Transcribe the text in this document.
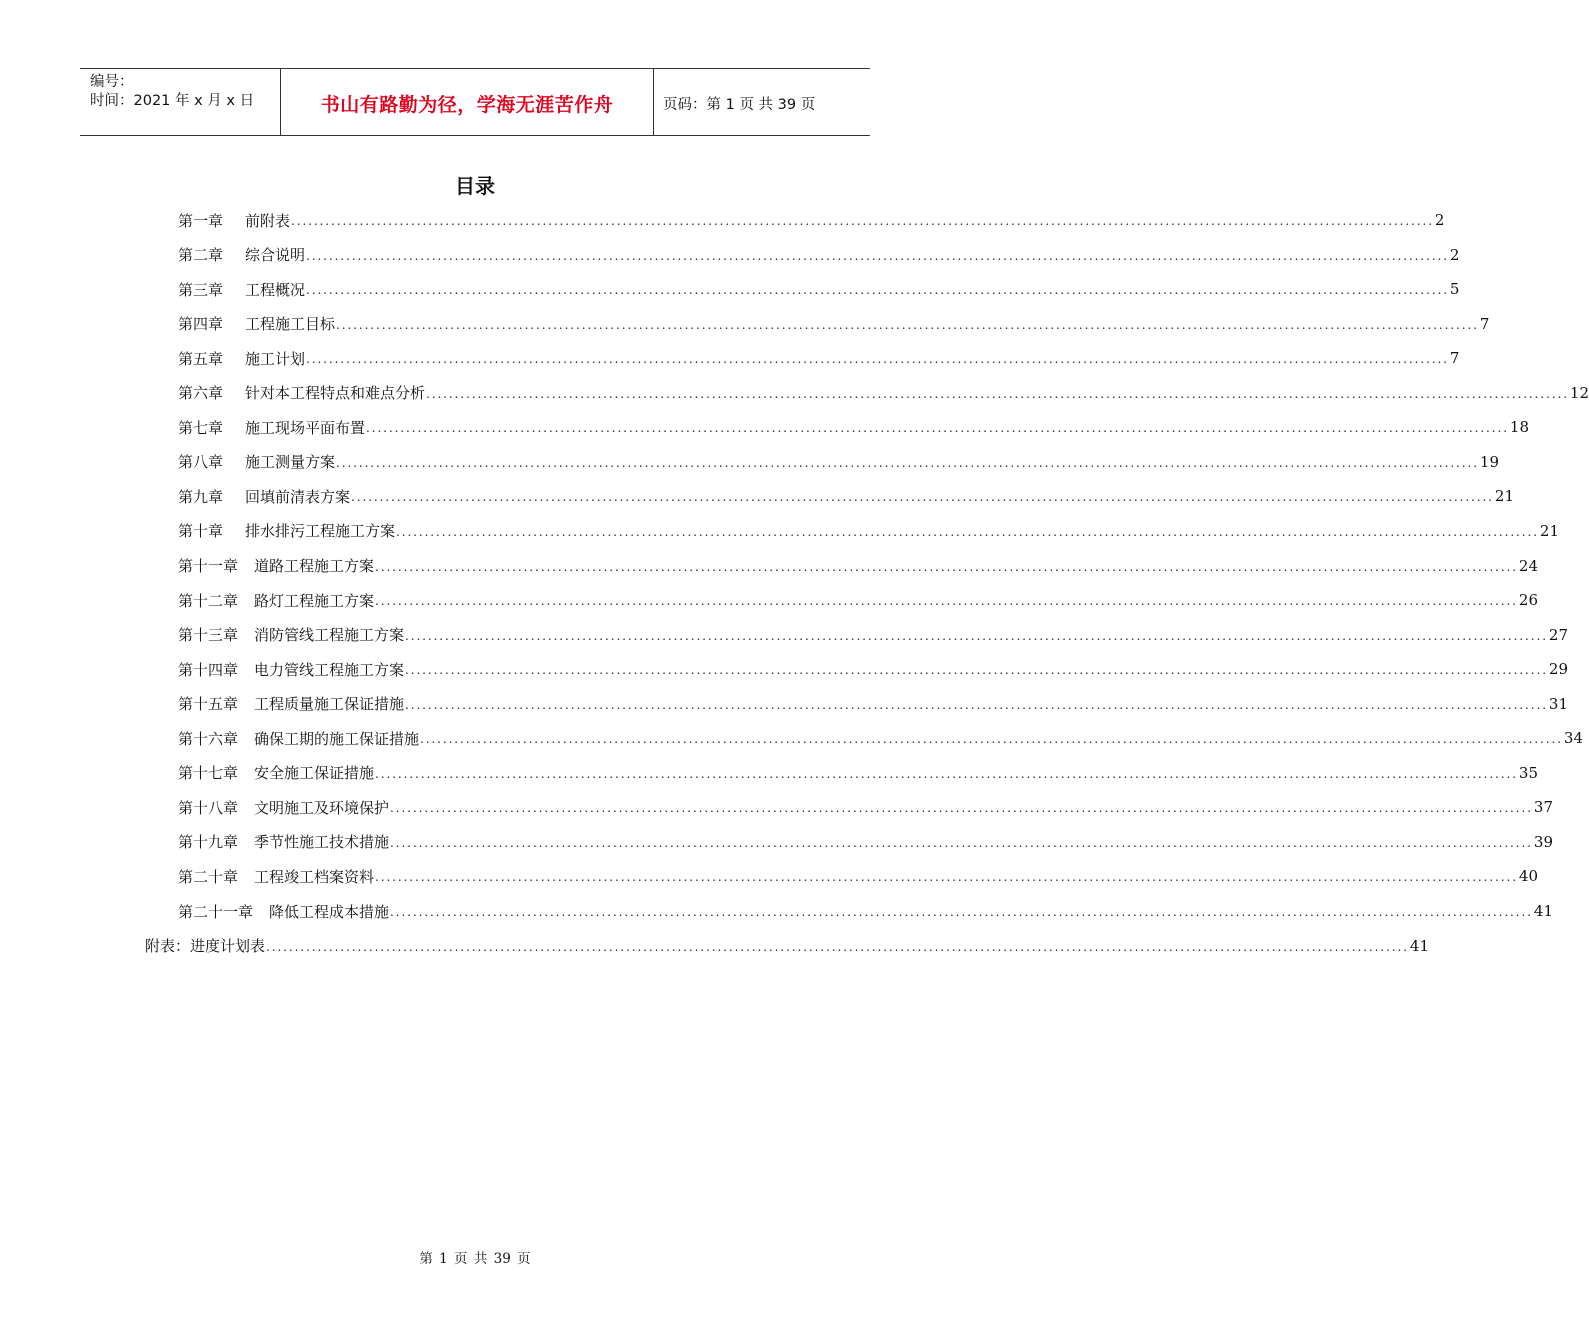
编号：
时间：2021 年 x 月 x 日	书山有路勤为径，学海无涯苦作舟	页码：第 1 页 共 39 页
目录
第一章	前附表 ........................................................................................................................................................................................................ 2
第二章	综合说明 ........................................................................................................................................................................................................ 2
第三章	工程概况 ........................................................................................................................................................................................................ 5
第四章	工程施工目标 ........................................................................................................................................................................................................ 7
第五章	施工计划 ........................................................................................................................................................................................................ 7
第六章	针对本工程特点和难点分析 ........................................................................................................................................................................................................ 12
第七章	施工现场平面布置 ........................................................................................................................................................................................................ 18
第八章	施工测量方案 ........................................................................................................................................................................................................ 19
第九章	回填前清表方案 ........................................................................................................................................................................................................ 21
第十章	排水排污工程施工方案 ........................................................................................................................................................................................................ 21
第十一章	道路工程施工方案 ........................................................................................................................................................................................................ 24
第十二章	路灯工程施工方案 ........................................................................................................................................................................................................ 26
第十三章	消防管线工程施工方案 ........................................................................................................................................................................................................ 27
第十四章	电力管线工程施工方案 ........................................................................................................................................................................................................ 29
第十五章	工程质量施工保证措施 ........................................................................................................................................................................................................ 31
第十六章	确保工期的施工保证措施 ........................................................................................................................................................................................................ 34
第十七章	安全施工保证措施 ........................................................................................................................................................................................................ 35
第十八章	文明施工及环境保护 ........................................................................................................................................................................................................ 37
第十九章	季节性施工技术措施 ........................................................................................................................................................................................................ 39
第二十章	工程竣工档案资料 ........................................................................................................................................................................................................ 40
第二十一章	降低工程成本措施 ........................................................................................................................................................................................................ 41
附表： 进度计划表 ........................................................................................................................................................................................................ 41
第 1 页 共 39 页
